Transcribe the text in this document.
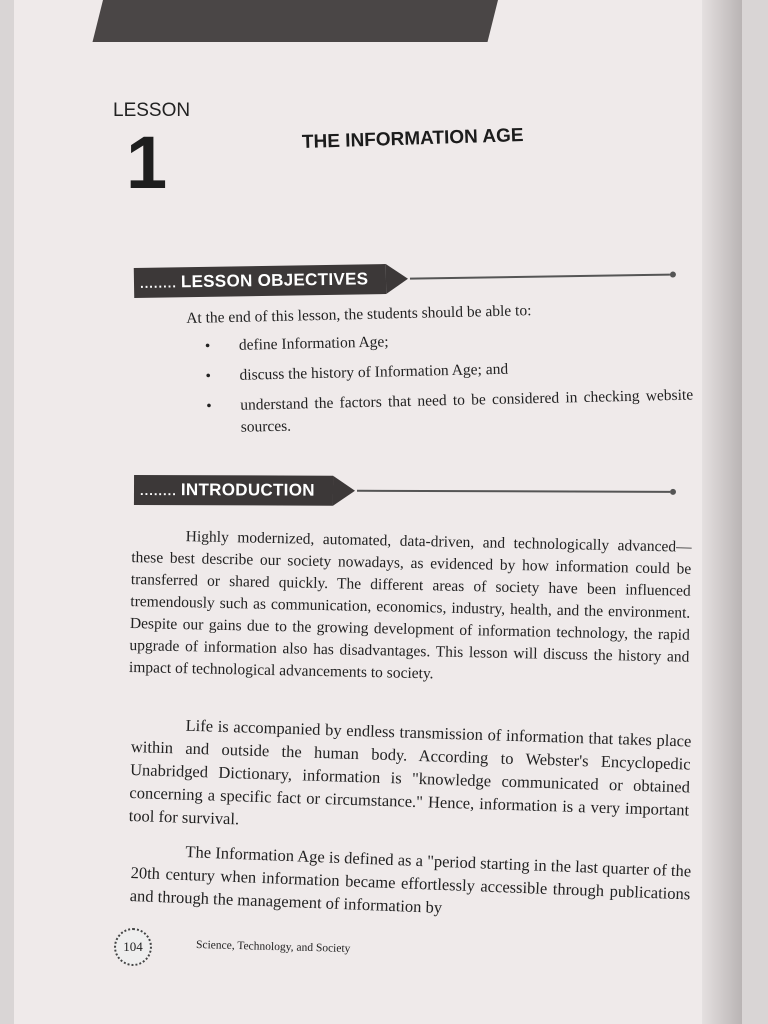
LESSON
1	THE INFORMATION AGE
........ LESSON OBJECTIVES
At the end of this lesson, the students should be able to:
• define Information Age;
• discuss the history of Information Age; and
• understand the factors that need to be considered in checking website sources.
........ INTRODUCTION

Highly modernized, automated, data-driven, and technologically advanced—these best describe our society nowadays, as evidenced by how information could be transferred or shared quickly. The different areas of society have been influenced tremendously such as communication, economics, industry, health, and the environment. Despite our gains due to the growing development of information technology, the rapid upgrade of information also has disadvantages. This lesson will discuss the history and impact of technological advancements to society.

Life is accompanied by endless transmission of information that takes place within and outside the human body. According to Webster's Encyclopedic Unabridged Dictionary, information is "knowledge communicated or obtained concerning a specific fact or circumstance." Hence, information is a very important tool for survival.

The Information Age is defined as a "period starting in the last quarter of the 20th century when information became effortlessly accessible through publications and through the management of information by

104	Science, Technology, and Society
